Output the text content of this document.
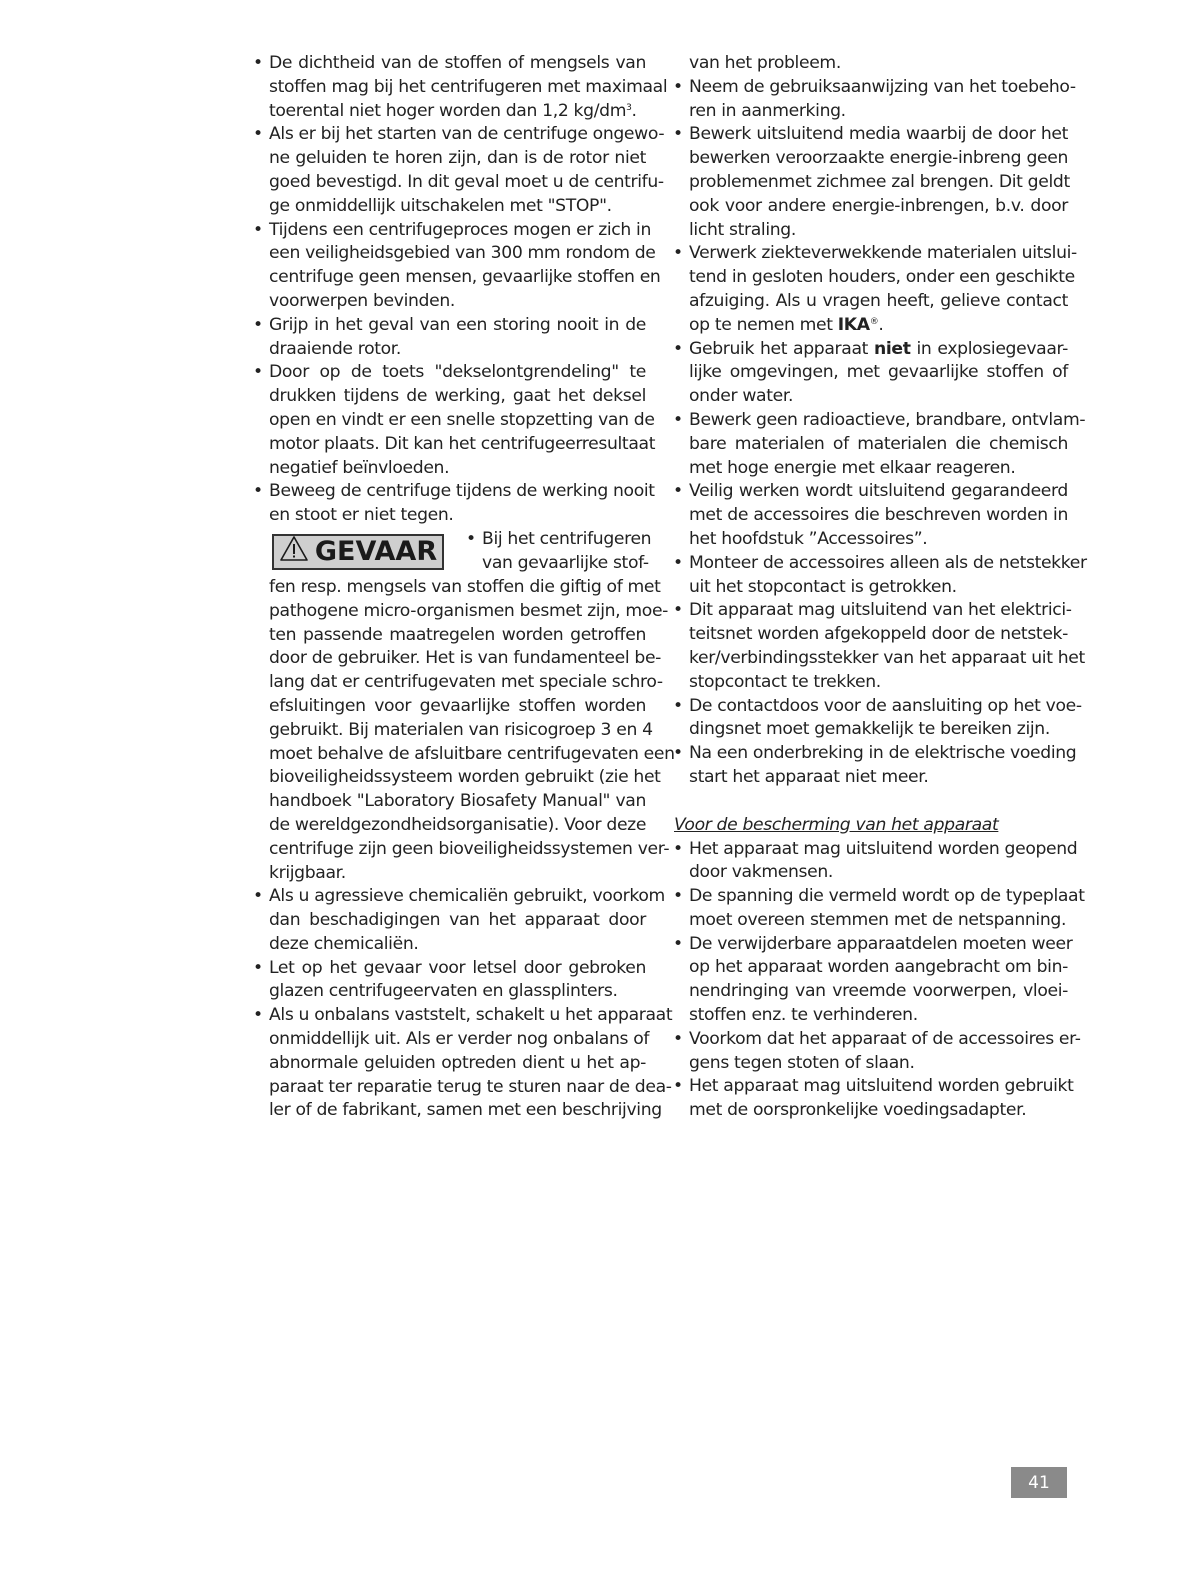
• De dichtheid van de stoffen of mengsels van
stoffen mag bij het centrifugeren met maximaal
toerental niet hoger worden dan 1,2 $kg/dm^3$.
• Als er bij het starten van de centrifuge ongewo-
ne geluiden te horen zijn, dan is de rotor niet
goed bevestigd. In dit geval moet u de centrifu-
ge onmiddellijk uitschakelen met "STOP".
• Tijdens een centrifugeproces mogen er zich in
een veiligheidsgebied van 300 mm rondom de
centrifuge geen mensen, gevaarlijke stoffen en
voorwerpen bevinden.
• Grijp in het geval van een storing nooit in de
draaiende rotor.
• Door op de toets "dekselontgrendeling" te
drukken tijdens de werking, gaat het deksel
open en vindt er een snelle stopzetting van de
motor plaats. Dit kan het centrifugeerresultaat
negatief beïnvloeden.
• Beweeg de centrifuge tijdens de werking nooit
en stoot er niet tegen.
GEVAAR	• Bij het centrifugeren
van gevaarlijke stof-
fen resp. mengsels van stoffen die giftig of met
pathogene micro-organismen besmet zijn, moe-
ten passende maatregelen worden getroffen
door de gebruiker. Het is van fundamenteel be-
lang dat er centrifugevaten met speciale schro-
efsluitingen voor gevaarlijke stoffen worden
gebruikt. Bij materialen van risicogroep 3 en 4
moet behalve de afsluitbare centrifugevaten een
bioveiligheidssysteem worden gebruikt (zie het
handboek "Laboratory Biosafety Manual" van
de wereldgezondheidsorganisatie). Voor deze
centrifuge zijn geen bioveiligheidssystemen ver-
krijgbaar.
• Als u agressieve chemicaliën gebruikt, voorkom
dan beschadigingen van het apparaat door
deze chemicaliën.
• Let op het gevaar voor letsel door gebroken
glazen centrifugeervaten en glassplinters.
• Als u onbalans vaststelt, schakelt u het apparaat
onmiddellijk uit. Als er verder nog onbalans of
abnormale geluiden optreden dient u het ap-
paraat ter reparatie terug te sturen naar de dea-
ler of de fabrikant, samen met een beschrijving
van het probleem.
• Neem de gebruiksaanwijzing van het toebeho-
ren in aanmerking.
• Bewerk uitsluitend media waarbij de door het
bewerken veroorzaakte energie-inbreng geen
problemenmet zichmee zal brengen. Dit geldt
ook voor andere energie-inbrengen, b.v. door
licht straling.
• Verwerk ziekteverwekkende materialen uitslui-
tend in gesloten houders, onder een geschikte
afzuiging. Als u vragen heeft, gelieve contact
op te nemen met IKA®.
• Gebruik het apparaat niet in explosiegevaar-
lijke omgevingen, met gevaarlijke stoffen of
onder water.
• Bewerk geen radioactieve, brandbare, ontvlam-
bare materialen of materialen die chemisch
met hoge energie met elkaar reageren.
• Veilig werken wordt uitsluitend gegarandeerd
met de accessoires die beschreven worden in
het hoofdstuk ”Accessoires”.
• Monteer de accessoires alleen als de netstekker
uit het stopcontact is getrokken.
• Dit apparaat mag uitsluitend van het elektrici-
teitsnet worden afgekoppeld door de netstek-
ker/verbindingsstekker van het apparaat uit het
stopcontact te trekken.
• De contactdoos voor de aansluiting op het voe-
dingsnet moet gemakkelijk te bereiken zijn.
• Na een onderbreking in de elektrische voeding
start het apparaat niet meer.
Voor de bescherming van het apparaat
• Het apparaat mag uitsluitend worden geopend
door vakmensen.
• De spanning die vermeld wordt op de typeplaat
moet overeen stemmen met de netspanning.
• De verwijderbare apparaatdelen moeten weer
op het apparaat worden aangebracht om bin-
nendringing van vreemde voorwerpen, vloei-
stoffen enz. te verhinderen.
• Voorkom dat het apparaat of de accessoires er-
gens tegen stoten of slaan.
• Het apparaat mag uitsluitend worden gebruikt
met de oorspronkelijke voedingsadapter.
41
